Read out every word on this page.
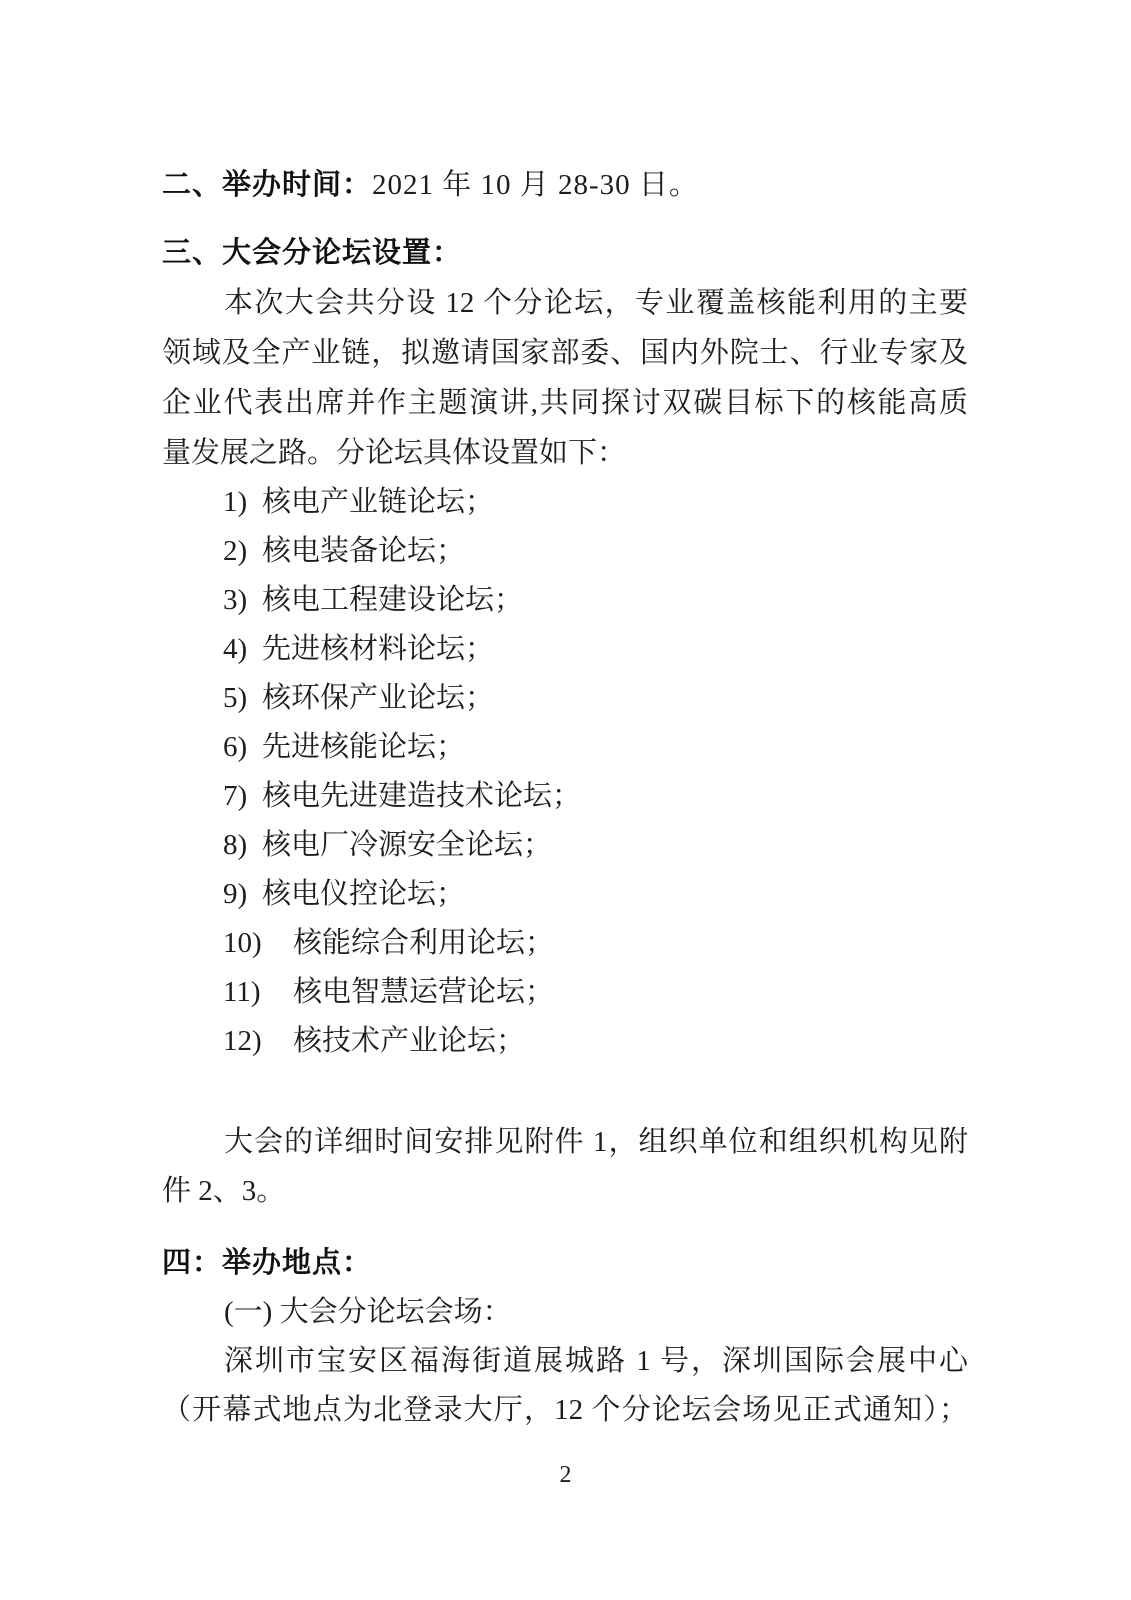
二、举办时间：2021 年 10 月 28-30 日。
三、大会分论坛设置：
本次大会共分设 12 个分论坛，专业覆盖核能利用的主要
领域及全产业链，拟邀请国家部委、国内外院士、行业专家及
企业代表出席并作主题演讲,共同探讨双碳目标下的核能高质
量发展之路。分论坛具体设置如下：
1) 核电产业链论坛；
2) 核电装备论坛；
3) 核电工程建设论坛；
4) 先进核材料论坛；
5) 核环保产业论坛；
6) 先进核能论坛；
7) 核电先进建造技术论坛；
8) 核电厂冷源安全论坛；
9) 核电仪控论坛；
10) 核能综合利用论坛；
11) 核电智慧运营论坛；
12) 核技术产业论坛；
大会的详细时间安排见附件 1，组织单位和组织机构见附
件 2、3。
四：举办地点：
(一) 大会分论坛会场：
深圳市宝安区福海街道展城路 1 号，深圳国际会展中心
（开幕式地点为北登录大厅，12 个分论坛会场见正式通知）；
2
